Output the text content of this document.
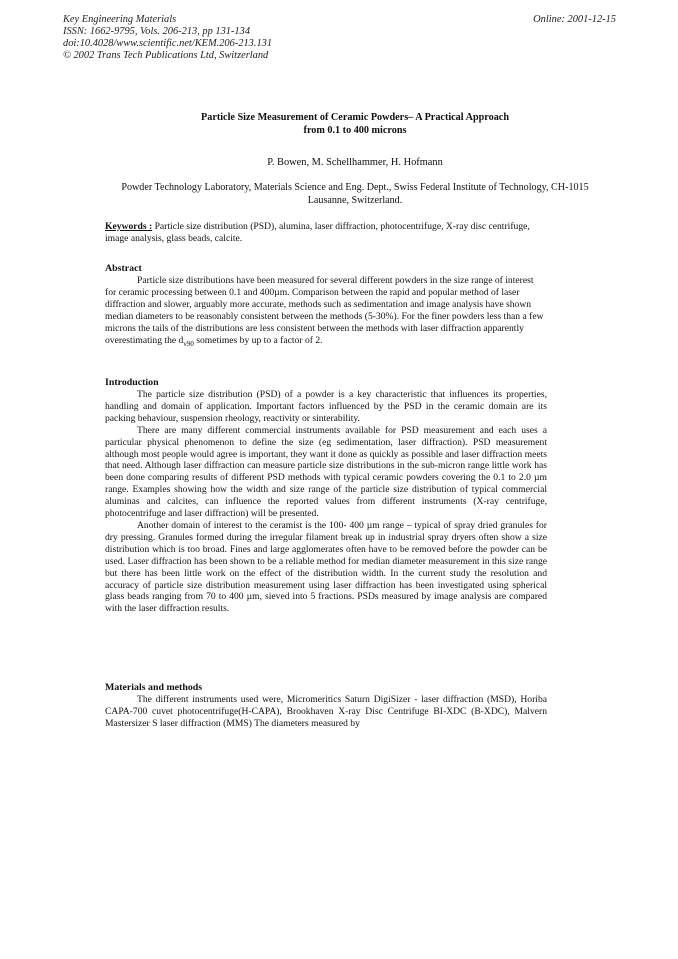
Key Engineering Materials
ISSN: 1662-9795, Vols. 206-213, pp 131-134
doi:10.4028/www.scientific.net/KEM.206-213.131
© 2002 Trans Tech Publications Ltd, Switzerland
Online: 2001-12-15
Particle Size Measurement of Ceramic Powders– A Practical Approach
from 0.1 to 400 microns
P. Bowen, M. Schellhammer, H. Hofmann
Powder Technology Laboratory, Materials Science and Eng. Dept., Swiss Federal Institute of Technology, CH-1015 Lausanne, Switzerland.

Keywords : Particle size distribution (PSD), alumina, laser diffraction, photocentrifuge, X-ray disc centrifuge, image analysis, glass beads, calcite.

Abstract

Particle size distributions have been measured for several different powders in the size range of interest for ceramic processing between 0.1 and 400µm. Comparison between the rapid and popular method of laser diffraction and slower, arguably more accurate, methods such as sedimentation and image analysis have shown median diameters to be reasonably consistent between the methods (5-30%). For the finer powders less than a few microns the tails of the distributions are less consistent between the methods with laser diffraction apparently overestimating the $d_{v90}$ sometimes by up to a factor of 2.

Introduction

The particle size distribution (PSD) of a powder is a key characteristic that influences its properties, handling and domain of application. Important factors influenced by the PSD in the ceramic domain are its packing behaviour, suspension rheology, reactivity or sinterability.

There are many different commercial instruments available for PSD measurement and each uses a particular physical phenomenon to define the size (eg sedimentation, laser diffraction). PSD measurement although most people would agree is important, they want it done as quickly as possible and laser diffraction meets that need. Although laser diffraction can measure particle size distributions in the sub-micron range little work has been done comparing results of different PSD methods with typical ceramic powders covering the 0.1 to 2.0 µm range. Examples showing how the width and size range of the particle size distribution of typical commercial aluminas and calcites, can influence the reported values from different instruments (X-ray centrifuge, photocentrifuge and laser diffraction) will be presented.

Another domain of interest to the ceramist is the 100- 400 µm range – typical of spray dried granules for dry pressing. Granules formed during the irregular filament break up in industrial spray dryers often show a size distribution which is too broad. Fines and large agglomerates often have to be removed before the powder can be used. Laser diffraction has been shown to be a reliable method for median diameter measurement in this size range but there has been little work on the effect of the distribution width. In the current study the resolution and accuracy of particle size distribution measurement using laser diffraction has been investigated using spherical glass beads ranging from 70 to 400 µm, sieved into 5 fractions. PSDs measured by image analysis are compared with the laser diffraction results.

Materials and methods

The different instruments used were, Micromeritics Saturn DigiSizer - laser diffraction (MSD), Horiba CAPA-700 cuvet photocentrifuge(H-CAPA), Brookhaven X-ray Disc Centrifuge BI-XDC (B-XDC), Malvern Mastersizer S laser diffraction (MMS) The diameters measured by
